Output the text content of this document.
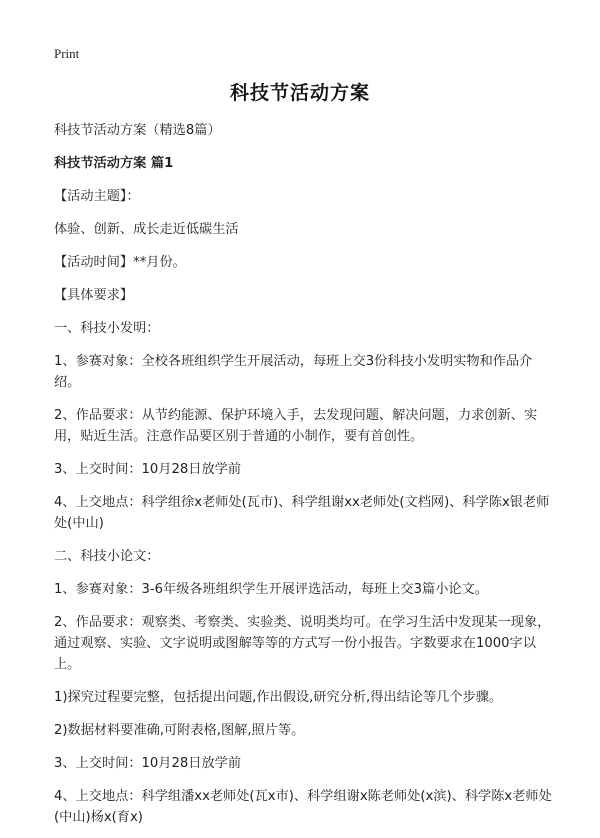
Print
科技节活动方案

科技节活动方案（精选8篇）

科技节活动方案 篇1

【活动主题】：

体验、创新、成长走近低碳生活

【活动时间】**月份。

【具体要求】

一、科技小发明：

1、参赛对象：全校各班组织学生开展活动，每班上交3份科技小发明实物和作品介绍。

2、作品要求：从节约能源、保护环境入手，去发现问题、解决问题，力求创新、实用，贴近生活。注意作品要区别于普通的小制作，要有首创性。

3、上交时间：10月28日放学前

4、上交地点：科学组徐x老师处(瓦市)、科学组谢xx老师处(文档网)、科学陈x银老师处(中山)

二、科技小论文：

1、参赛对象：3-6年级各班组织学生开展评选活动，每班上交3篇小论文。

2、作品要求：观察类、考察类、实验类、说明类均可。在学习生活中发现某一现象，通过观察、实验、文字说明或图解等等的方式写一份小报告。字数要求在1000字以上。

1)探究过程要完整，包括提出问题,作出假设,研究分析,得出结论等几个步骤。

2)数据材料要准确,可附表格,图解,照片等。

3、上交时间：10月28日放学前

4、上交地点：科学组潘xx老师处(瓦x市)、科学组谢x陈老师处(x滨)、科学陈x老师处(中山)杨x(育x)
